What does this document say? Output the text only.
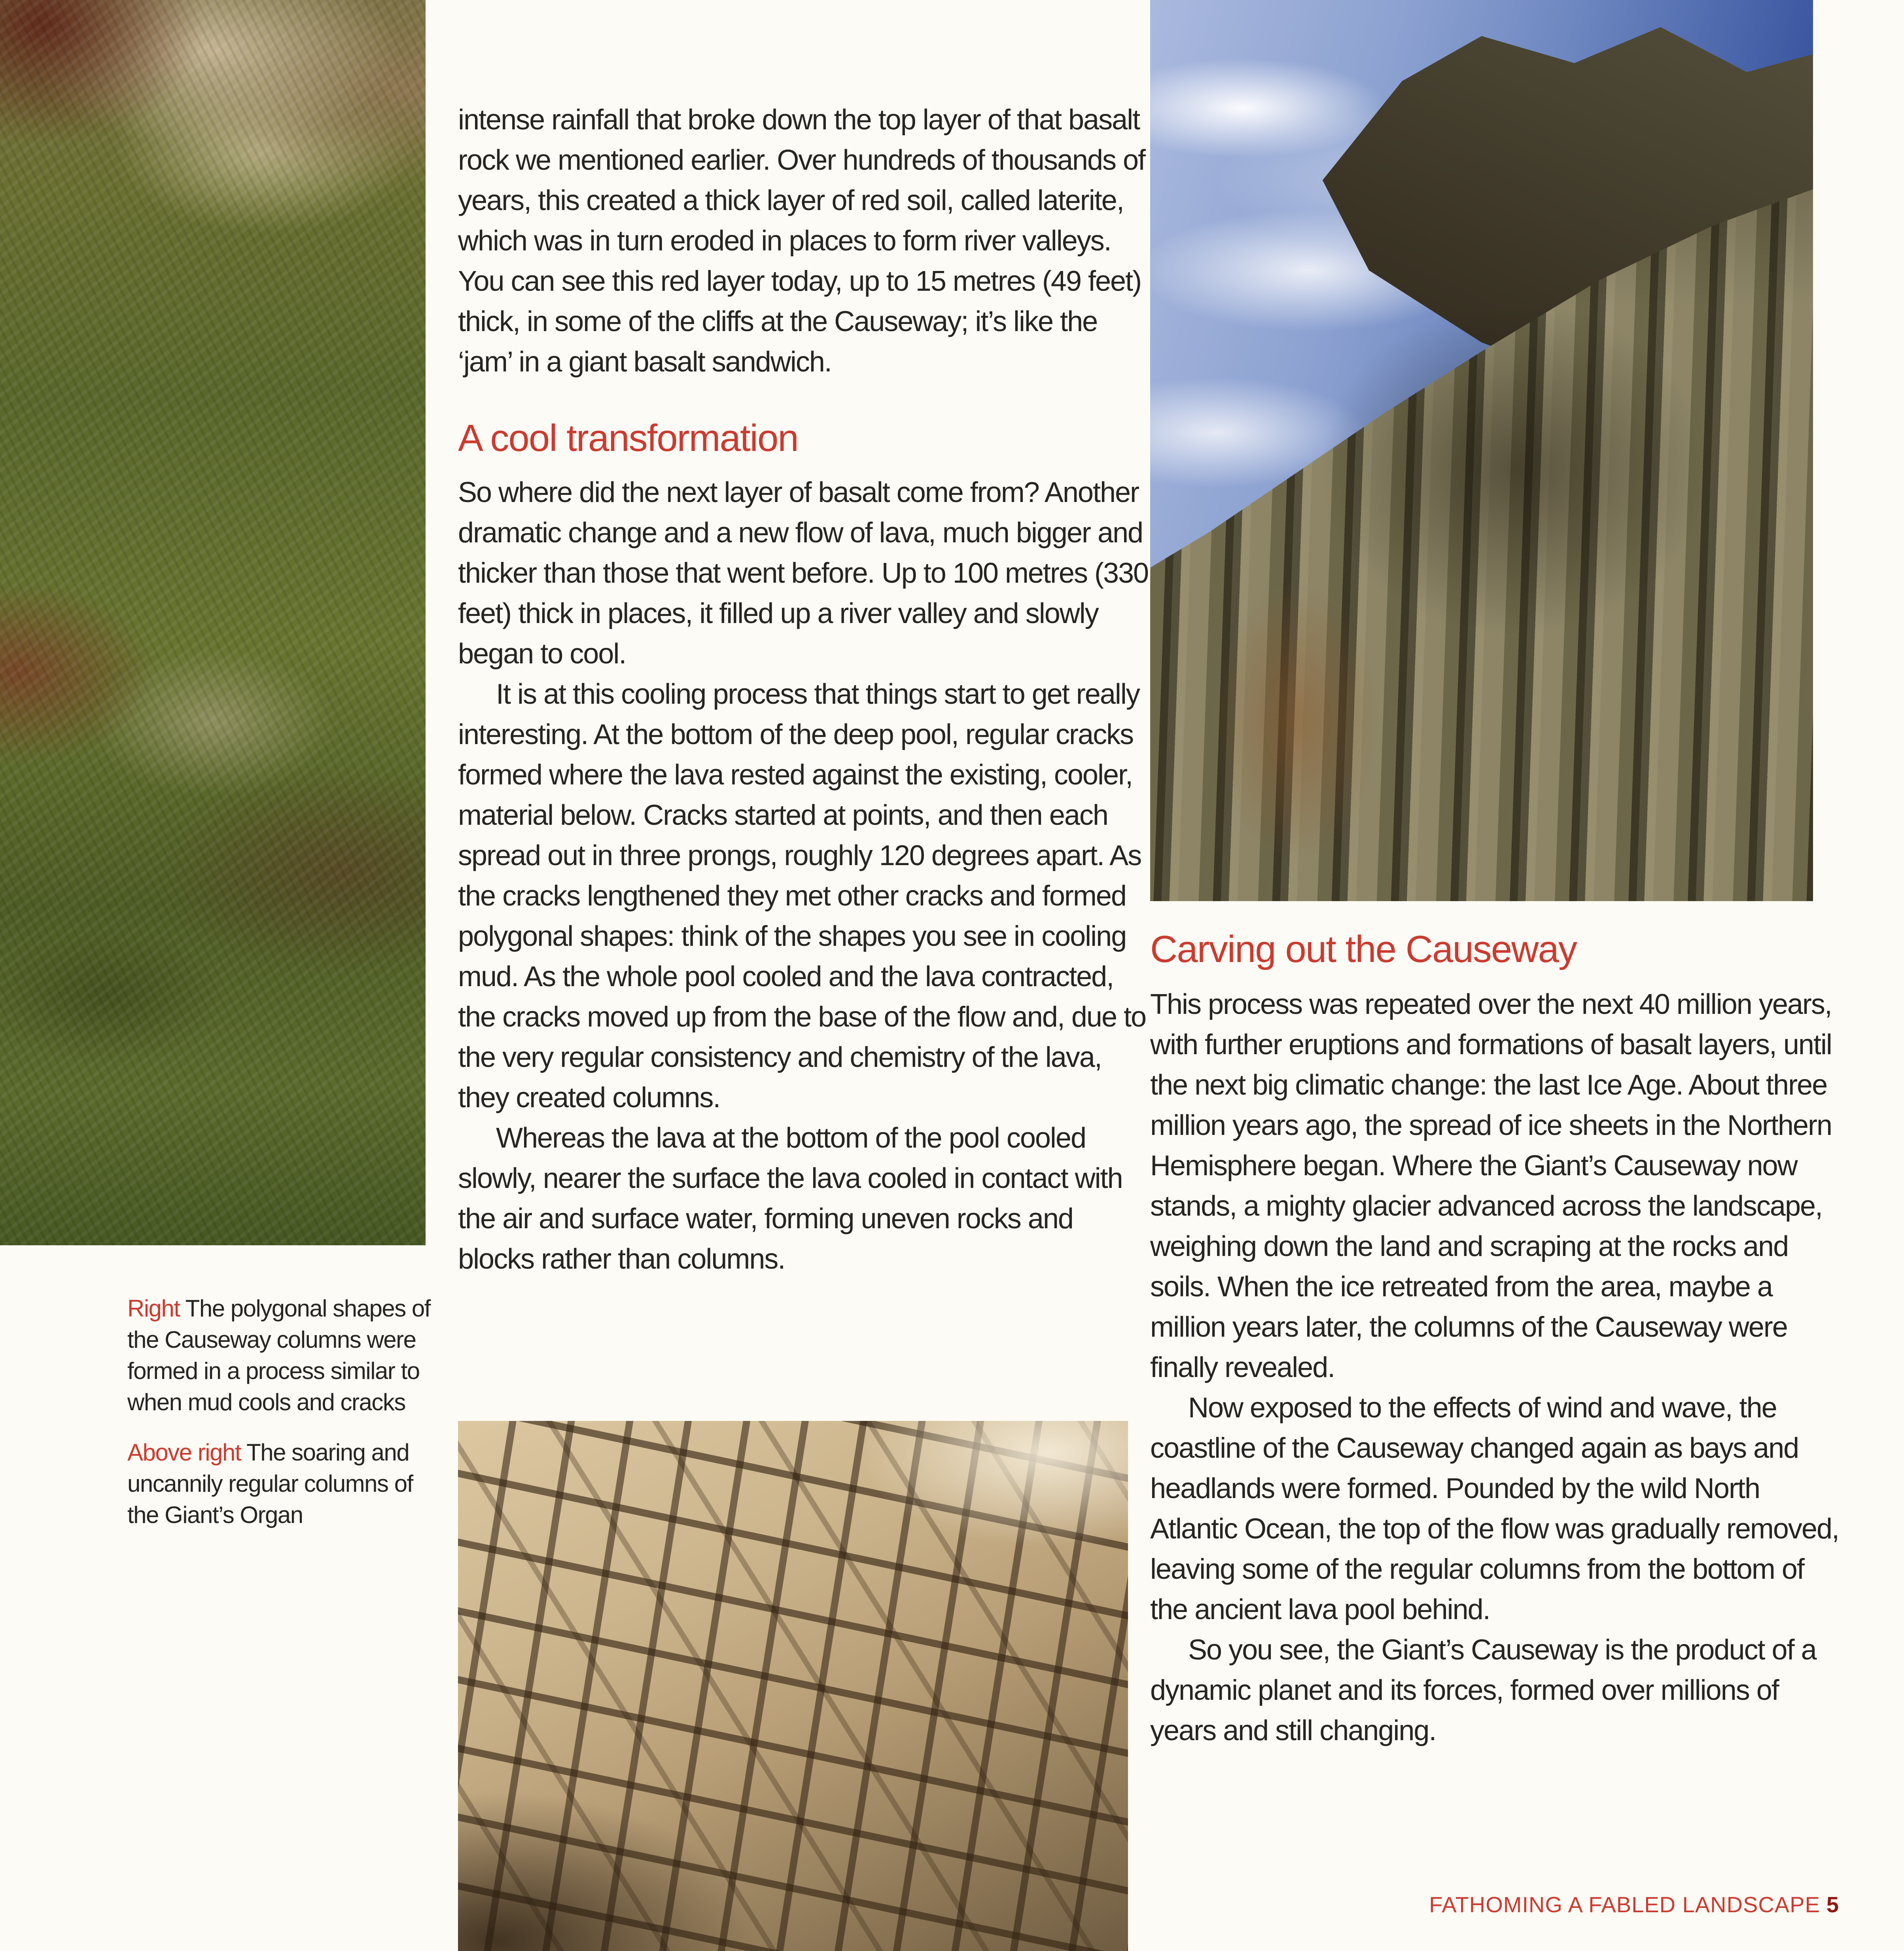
intense rainfall that broke down the top layer of that basalt rock we mentioned earlier. Over hundreds of thousands of years, this created a thick layer of red soil, called laterite, which was in turn eroded in places to form river valleys. You can see this red layer today, up to 15 metres (49 feet) thick, in some of the cliffs at the Causeway; it’s like the ‘jam’ in a giant basalt sandwich.

A cool transformation

So where did the next layer of basalt come from? Another dramatic change and a new flow of lava, much bigger and thicker than those that went before. Up to 100 metres (330 feet) thick in places, it filled up a river valley and slowly began to cool.

It is at this cooling process that things start to get really interesting. At the bottom of the deep pool, regular cracks formed where the lava rested against the existing, cooler, material below. Cracks started at points, and then each spread out in three prongs, roughly 120 degrees apart. As the cracks lengthened they met other cracks and formed polygonal shapes: think of the shapes you see in cooling mud. As the whole pool cooled and the lava contracted, the cracks moved up from the base of the flow and, due to the very regular consistency and chemistry of the lava, they created columns.

Whereas the lava at the bottom of the pool cooled slowly, nearer the surface the lava cooled in contact with the air and surface water, forming uneven rocks and blocks rather than columns.

Carving out the Causeway

This process was repeated over the next 40 million years, with further eruptions and formations of basalt layers, until the next big climatic change: the last Ice Age. About three million years ago, the spread of ice sheets in the Northern Hemisphere began. Where the Giant’s Causeway now stands, a mighty glacier advanced across the landscape, weighing down the land and scraping at the rocks and soils. When the ice retreated from the area, maybe a million years later, the columns of the Causeway were finally revealed.

Now exposed to the effects of wind and wave, the coastline of the Causeway changed again as bays and headlands were formed. Pounded by the wild North Atlantic Ocean, the top of the flow was gradually removed, leaving some of the regular columns from the bottom of the ancient lava pool behind.

So you see, the Giant’s Causeway is the product of a dynamic planet and its forces, formed over millions of years and still changing.

Right The polygonal shapes of the Causeway columns were formed in a process similar to when mud cools and cracks

Above right The soaring and uncannily regular columns of the Giant’s Organ

FATHOMING A FABLED LANDSCAPE 5
